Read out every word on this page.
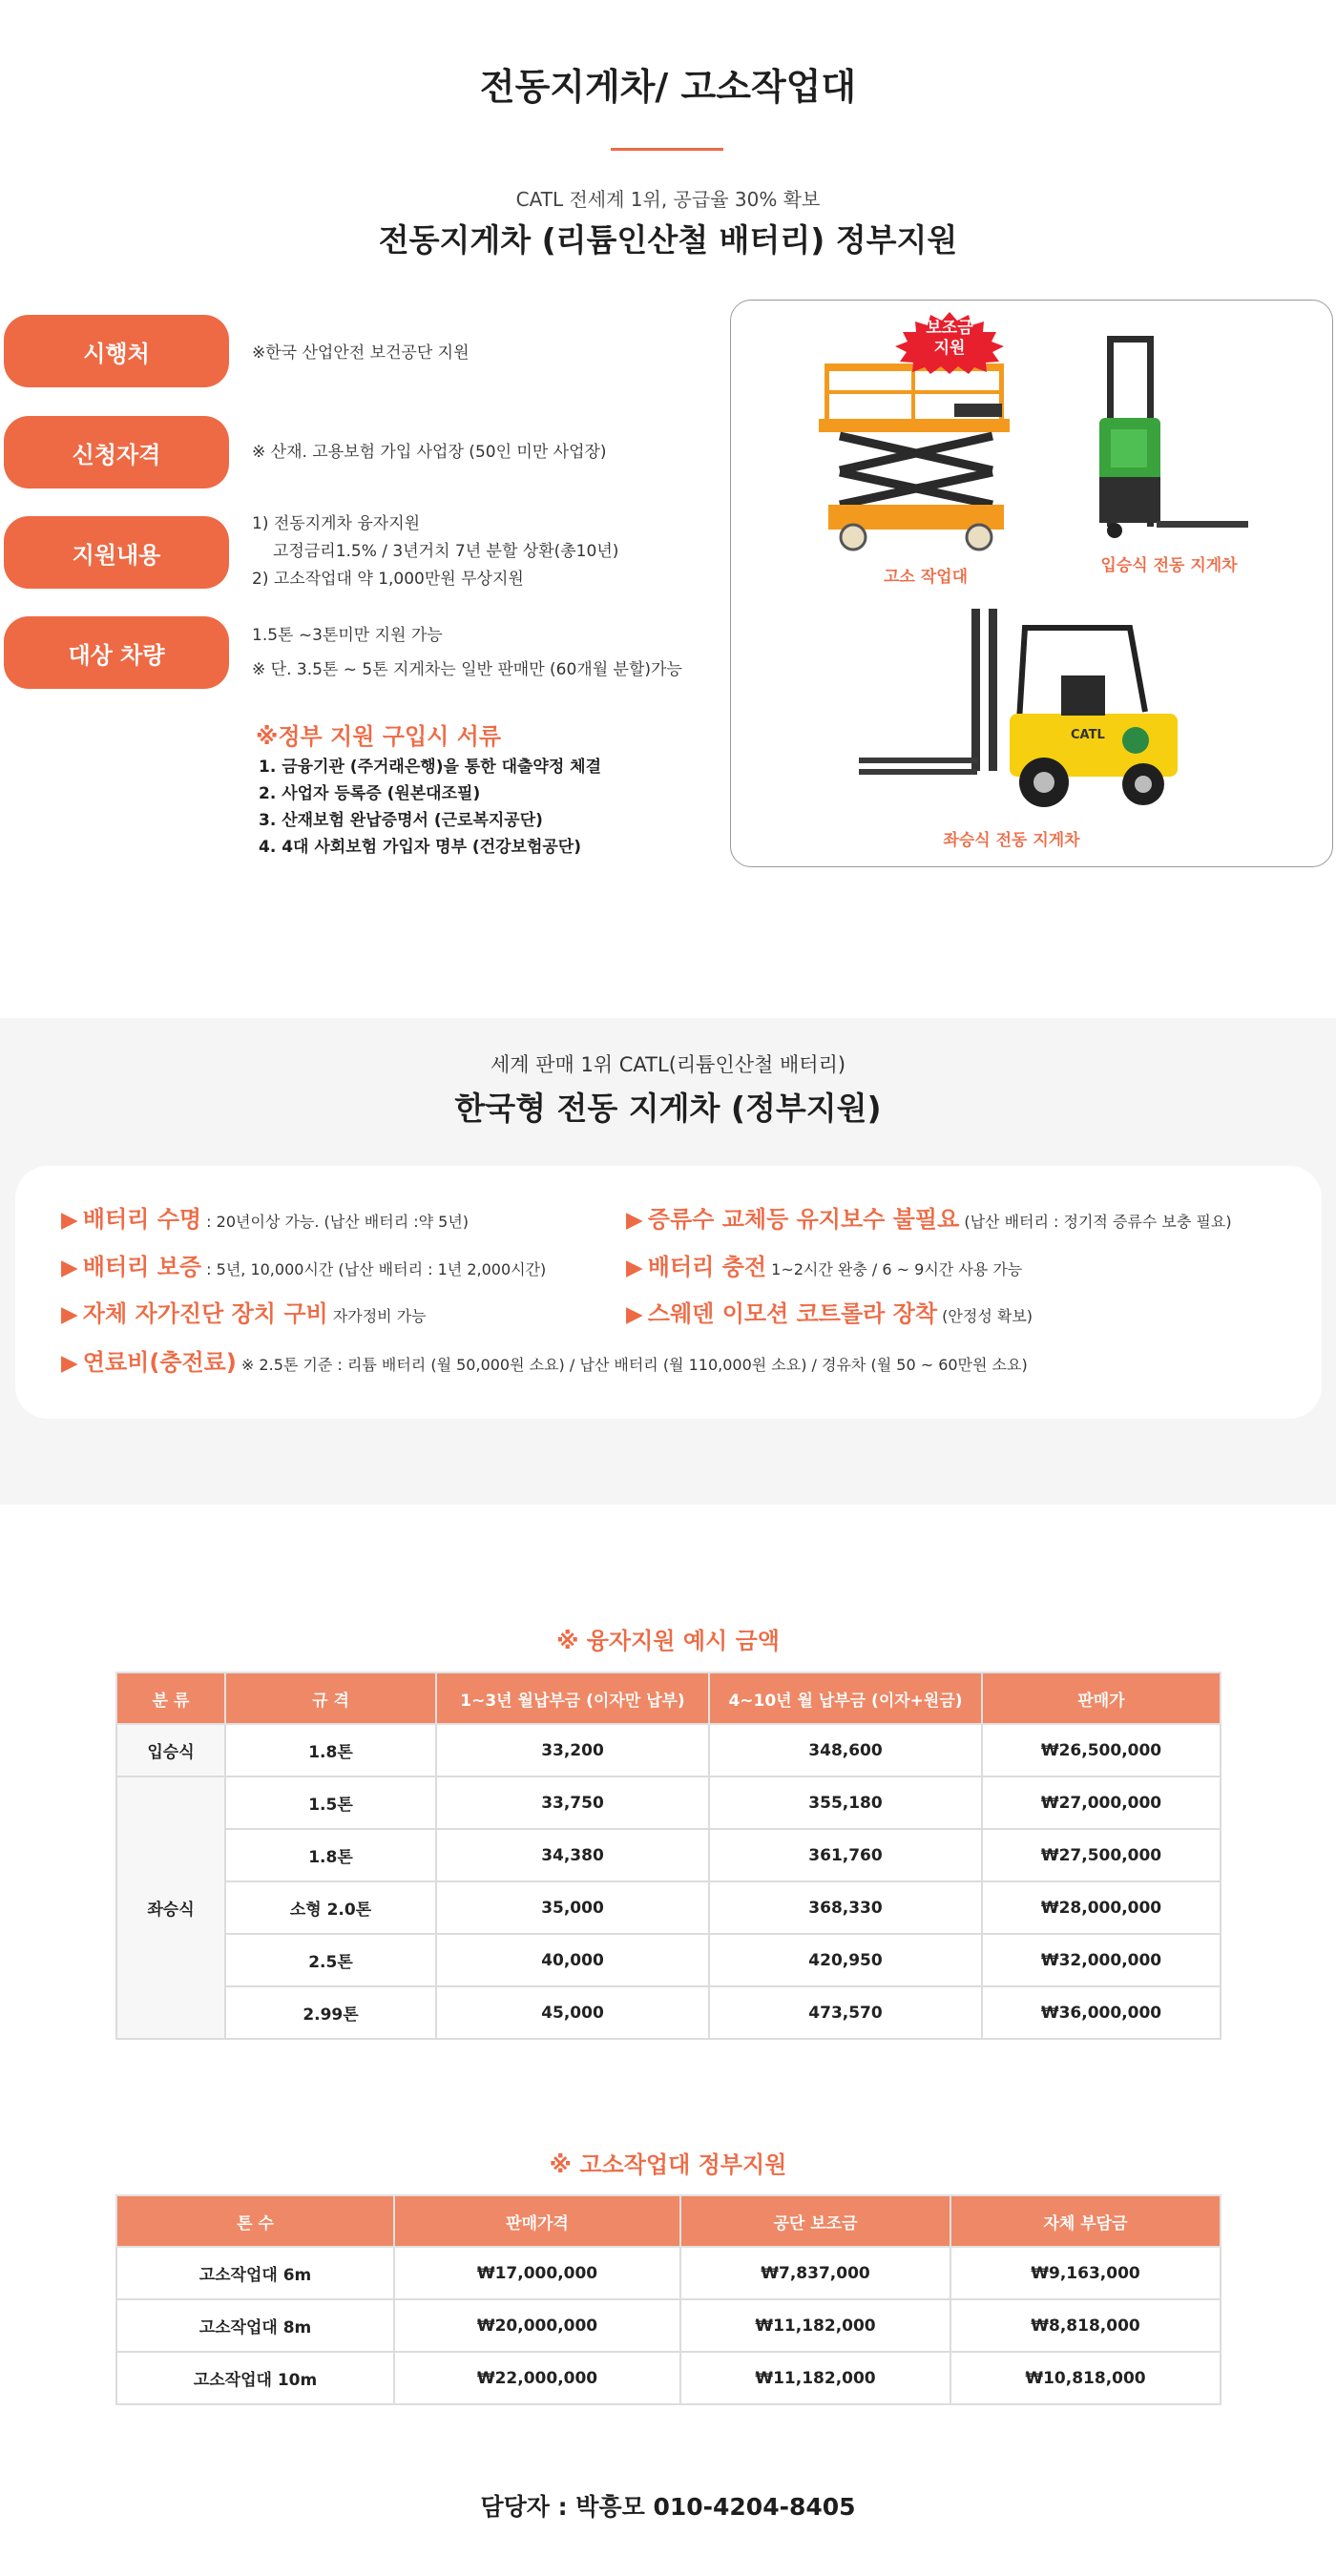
전동지게차/ 고소작업대
CATL 전세계 1위, 공급율 30% 확보
전동지게차 (리튬인산철 배터리) 정부지원
시행처	※한국 산업안전 보건공단 지원
신청자격	※ 산재. 고용보험 가입 사업장 (50인 미만 사업장)
지원내용
1) 전동지게차 융자지원
고정금리1.5% / 3년거치 7년 분할 상환(총10년)
2) 고소작업대 약 1,000만원 무상지원
대상 차량
1.5톤 ~3톤미만 지원 가능
※ 단. 3.5톤 ~ 5톤 지게차는 일반 판매만 (60개월 분할)가능
※정부 지원 구입시 서류
1. 금융기관 (주거래은행)을 통한 대출약정 체결
2. 사업자 등록증 (원본대조필)
3. 산재보험 완납증명서 (근로복지공단)
4. 4대 사회보험 가입자 명부 (건강보험공단)
보조금
지원
CATL
고소 작업대
입승식 전동 지게차
좌승식 전동 지게차
세계 판매 1위 CATL(리튬인산철 배터리)
한국형 전동 지게차 (정부지원)
▶ 배터리 수명 : 20년이상 가능. (납산 배터리 :약 5년)
▶ 배터리 보증 : 5년, 10,000시간 (납산 배터리 : 1년 2,000시간)
▶ 자체 자가진단 장치 구비 자가정비 가능
▶ 연료비(충전료) ※ 2.5톤 기준 : 리튬 배터리 (월 50,000원 소요) / 납산 배터리 (월 110,000원 소요) / 경유차 (월 50 ~ 60만원 소요)
▶ 증류수 교체등 유지보수 불필요 (납산 배터리 : 정기적 증류수 보충 필요)
▶ 배터리 충전 1~2시간 완충 / 6 ~ 9시간 사용 가능
▶ 스웨덴 이모션 코트롤라 장착 (안정성 확보)
※ 융자지원 예시 금액
분 류	규 격	1~3년 월납부금 (이자만 납부)	4~10년 월 납부금 (이자+원금)	판매가
입승식	1.8톤	33,200	348,600	₩26,500,000
좌승식	1.5톤	33,750	355,180	₩27,000,000
	1.8톤	34,380	361,760	₩27,500,000
	소형 2.0톤	35,000	368,330	₩28,000,000
	2.5톤	40,000	420,950	₩32,000,000
	2.99톤	45,000	473,570	₩36,000,000
※ 고소작업대 정부지원
톤 수	판매가격	공단 보조금	자체 부담금
고소작업대 6m	₩17,000,000	₩7,837,000	₩9,163,000
고소작업대 8m	₩20,000,000	₩11,182,000	₩8,818,000
고소작업대 10m	₩22,000,000	₩11,182,000	₩10,818,000
담당자 : 박흥모 010-4204-8405
